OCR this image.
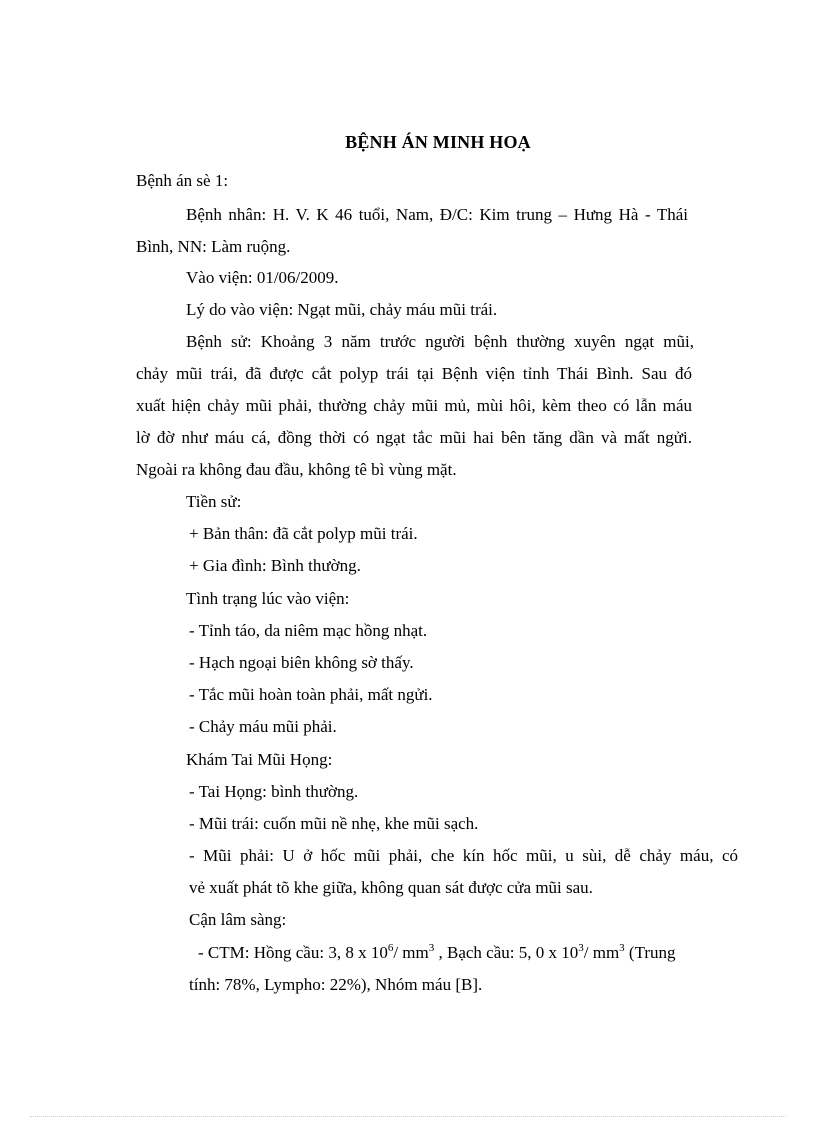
BỆNH ÁN MINH HOẠ
Bệnh án sè 1:
Bệnh nhân: H. V. K 46 tuổi, Nam, Đ/C: Kim trung – Hưng Hà - Thái
Bình, NN: Làm ruộng.
Vào viện: 01/06/2009.
Lý do vào viện: Ngạt mũi, chảy máu mũi trái.
Bệnh sử: Khoảng 3 năm trước người bệnh thường xuyên ngạt mũi,
chảy mũi trái, đã được cắt polyp trái tại Bệnh viện tỉnh Thái Bình. Sau đó
xuất hiện chảy mũi phải, thường chảy mũi mủ, mùi hôi, kèm theo có lẫn máu
lờ đờ như máu cá, đồng thời có ngạt tắc mũi hai bên tăng dần và mất ngửi.
Ngoài ra không đau đầu, không tê bì vùng mặt.
Tiền sử:
+ Bản thân: đã cắt polyp mũi trái.
+ Gia đình: Bình thường.
Tình trạng lúc vào viện:
- Tỉnh táo, da niêm mạc hồng nhạt.
- Hạch ngoại biên không sờ thấy.
- Tắc mũi hoàn toàn phải, mất ngửi.
- Chảy máu mũi phải.
Khám Tai Mũi Họng:
- Tai Họng: bình thường.
- Mũi trái: cuốn mũi nề nhẹ, khe mũi sạch.
- Mũi phải: U ở hốc mũi phải, che kín hốc mũi, u sùi, dễ chảy máu, có
vẻ xuất phát tõ khe giữa, không quan sát được cửa mũi sau.
Cận lâm sàng:
- CTM: Hồng cầu: 3, 8 x $10^6/$ $mm^3$ , Bạch cầu: 5, 0 x $10^3/$ $mm^3$ (Trung
tính: 78%, Lympho: 22%), Nhóm máu [B].
